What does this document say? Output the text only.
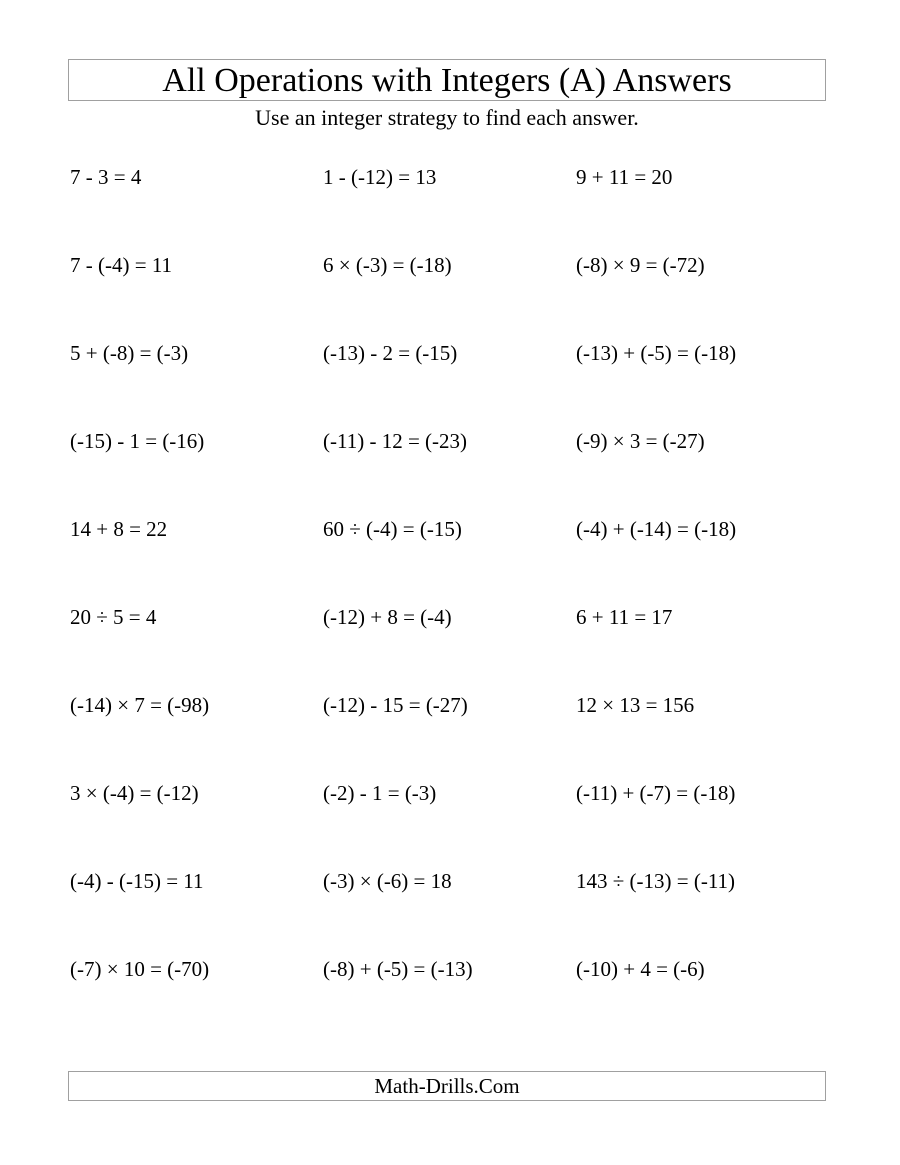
All Operations with Integers (A) Answers
Use an integer strategy to find each answer.
7 - 3 = 4	1 - (-12) = 13	9 + 11 = 20
7 - (-4) = 11	6 × (-3) = (-18)	(-8) × 9 = (-72)
5 + (-8) = (-3)	(-13) - 2 = (-15)	(-13) + (-5) = (-18)
(-15) - 1 = (-16)	(-11) - 12 = (-23)	(-9) × 3 = (-27)
14 + 8 = 22	60 ÷ (-4) = (-15)	(-4) + (-14) = (-18)
20 ÷ 5 = 4	(-12) + 8 = (-4)	6 + 11 = 17
(-14) × 7 = (-98)	(-12) - 15 = (-27)	12 × 13 = 156
3 × (-4) = (-12)	(-2) - 1 = (-3)	(-11) + (-7) = (-18)
(-4) - (-15) = 11	(-3) × (-6) = 18	143 ÷ (-13) = (-11)
(-7) × 10 = (-70)	(-8) + (-5) = (-13)	(-10) + 4 = (-6)
Math-Drills.Com
